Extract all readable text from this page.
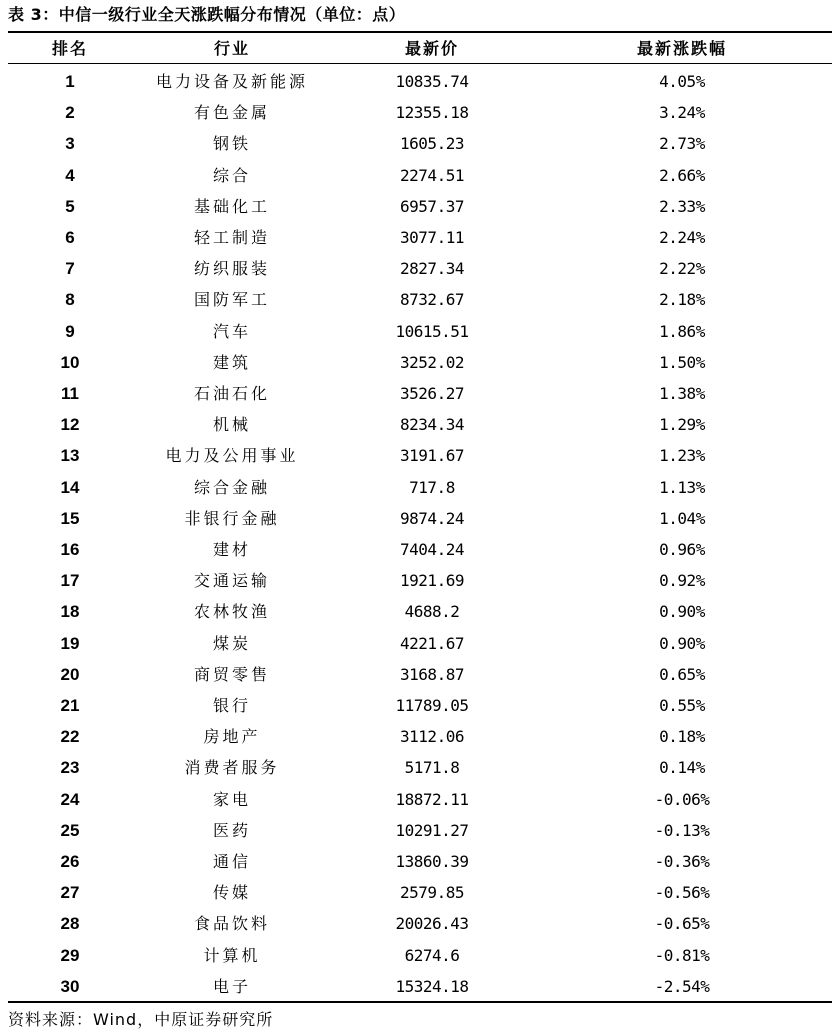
表 3：中信一级行业全天涨跌幅分布情况（单位：点）
排名	行业	最新价	最新涨跌幅
1	电力设备及新能源	10835.74	4.05%
2	有色金属	12355.18	3.24%
3	钢铁	1605.23	2.73%
4	综合	2274.51	2.66%
5	基础化工	6957.37	2.33%
6	轻工制造	3077.11	2.24%
7	纺织服装	2827.34	2.22%
8	国防军工	8732.67	2.18%
9	汽车	10615.51	1.86%
10	建筑	3252.02	1.50%
11	石油石化	3526.27	1.38%
12	机械	8234.34	1.29%
13	电力及公用事业	3191.67	1.23%
14	综合金融	717.8	1.13%
15	非银行金融	9874.24	1.04%
16	建材	7404.24	0.96%
17	交通运输	1921.69	0.92%
18	农林牧渔	4688.2	0.90%
19	煤炭	4221.67	0.90%
20	商贸零售	3168.87	0.65%
21	银行	11789.05	0.55%
22	房地产	3112.06	0.18%
23	消费者服务	5171.8	0.14%
24	家电	18872.11	-0.06%
25	医药	10291.27	-0.13%
26	通信	13860.39	-0.36%
27	传媒	2579.85	-0.56%
28	食品饮料	20026.43	-0.65%
29	计算机	6274.6	-0.81%
30	电子	15324.18	-2.54%
资料来源：Wind，中原证券研究所
